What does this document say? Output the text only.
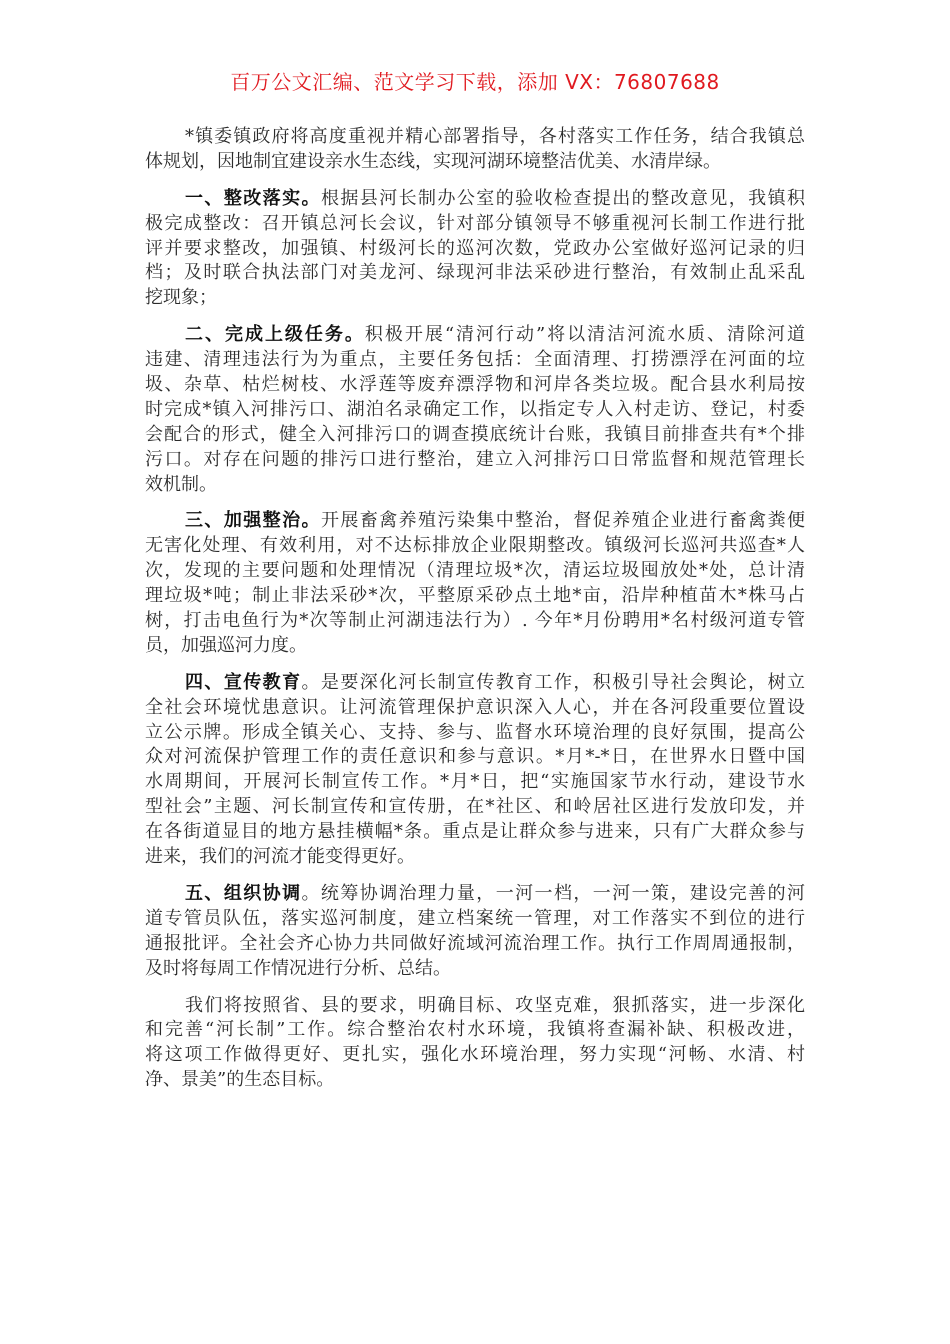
百万公文汇编、范文学习下载，添加 VX：76807688
*镇委镇政府将高度重视并精心部署指导，各村落实工作任务，结合我镇总
体规划，因地制宜建设亲水生态线，实现河湖环境整洁优美、水清岸绿。
一、整改落实。根据县河长制办公室的验收检查提出的整改意见，我镇积
极完成整改：召开镇总河长会议，针对部分镇领导不够重视河长制工作进行批
评并要求整改，加强镇、村级河长的巡河次数，党政办公室做好巡河记录的归
档；及时联合执法部门对美龙河、绿现河非法采砂进行整治，有效制止乱采乱
挖现象；
二、完成上级任务。积极开展“清河行动”将以清洁河流水质、清除河道
违建、清理违法行为为重点，主要任务包括：全面清理、打捞漂浮在河面的垃
圾、杂草、枯烂树枝、水浮莲等废弃漂浮物和河岸各类垃圾。配合县水利局按
时完成*镇入河排污口、湖泊名录确定工作，以指定专人入村走访、登记，村委
会配合的形式，健全入河排污口的调查摸底统计台账，我镇目前排查共有*个排
污口。对存在问题的排污口进行整治，建立入河排污口日常监督和规范管理长
效机制。
三、加强整治。开展畜禽养殖污染集中整治，督促养殖企业进行畜禽粪便
无害化处理、有效利用，对不达标排放企业限期整改。镇级河长巡河共巡查*人
次，发现的主要问题和处理情况（清理垃圾*次，清运垃圾囤放处*处，总计清
理垃圾*吨；制止非法采砂*次，平整原采砂点土地*亩，沿岸种植苗木*株马占
树，打击电鱼行为*次等制止河湖违法行为）. 今年*月份聘用*名村级河道专管
员，加强巡河力度。
四、宣传教育。是要深化河长制宣传教育工作，积极引导社会舆论，树立
全社会环境忧患意识。让河流管理保护意识深入人心，并在各河段重要位置设
立公示牌。形成全镇关心、支持、参与、监督水环境治理的良好氛围，提高公
众对河流保护管理工作的责任意识和参与意识。*月*-*日，在世界水日暨中国
水周期间，开展河长制宣传工作。*月*日，把“实施国家节水行动，建设节水
型社会”主题、河长制宣传和宣传册，在*社区、和岭居社区进行发放印发，并
在各街道显目的地方悬挂横幅*条。重点是让群众参与进来，只有广大群众参与
进来，我们的河流才能变得更好。
五、组织协调。统筹协调治理力量，一河一档，一河一策，建设完善的河
道专管员队伍，落实巡河制度，建立档案统一管理，对工作落实不到位的进行
通报批评。全社会齐心协力共同做好流域河流治理工作。执行工作周周通报制，
及时将每周工作情况进行分析、总结。
我们将按照省、县的要求，明确目标、攻坚克难，狠抓落实，进一步深化
和完善“河长制”工作。综合整治农村水环境，我镇将查漏补缺、积极改进，
将这项工作做得更好、更扎实，强化水环境治理，努力实现“河畅、水清、村
净、景美”的生态目标。
